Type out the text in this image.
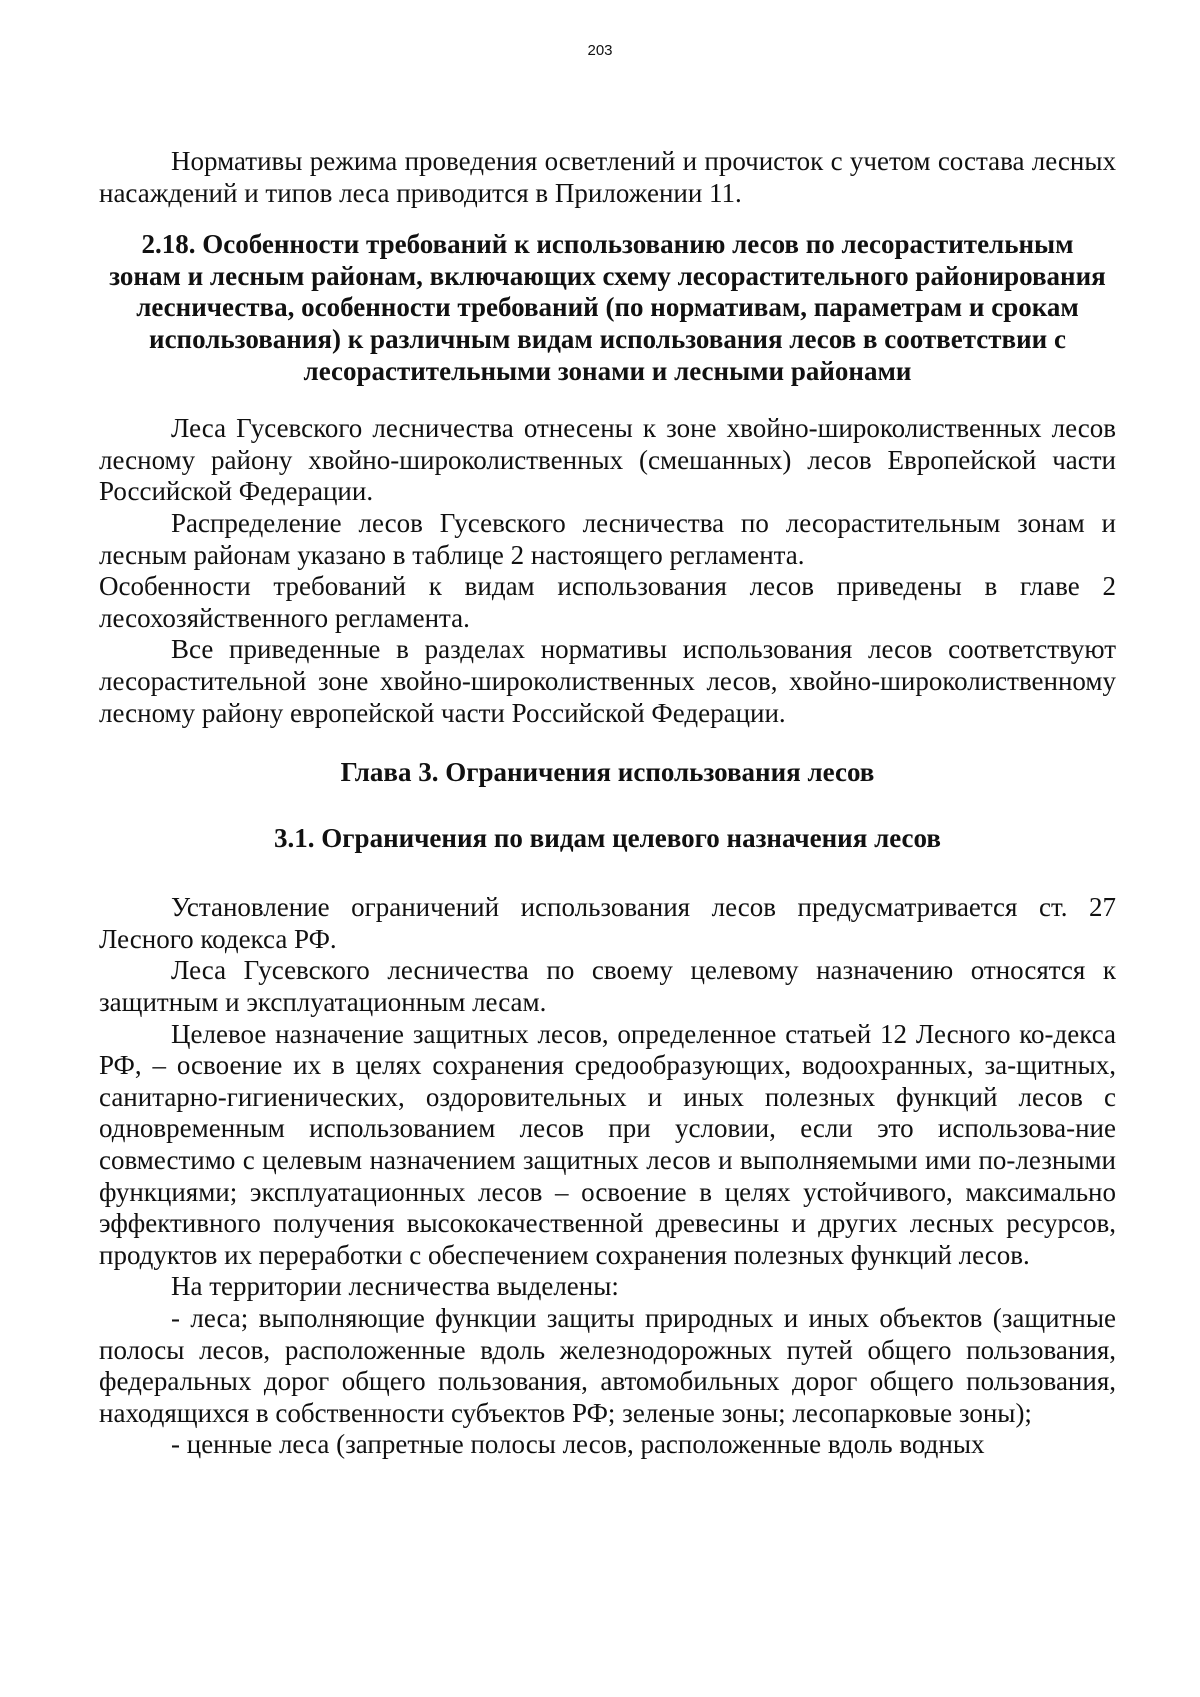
203

Нормативы режима проведения осветлений и прочисток с учетом состава лесных насаждений и типов леса приводится в Приложении 11.

2.18. Особенности требований к использованию лесов по лесорастительным зонам и лесным районам, включающих схему лесорастительного районирования лесничества, особенности требований (по нормативам, параметрам и срокам использования) к различным видам использования лесов в соответствии с лесорастительными зонами и лесными районами

Леса Гусевского лесничества отнесены к зоне хвойно-широколиственных лесов лесному району хвойно-широколиственных (смешанных) лесов Европейской части Российской Федерации.

Распределение лесов Гусевского лесничества по лесорастительным зонам и лесным районам указано в таблице 2 настоящего регламента.

Особенности требований к видам использования лесов приведены в главе 2 лесохозяйственного регламента.

Все приведенные в разделах нормативы использования лесов соответствуют лесорастительной зоне хвойно-широколиственных лесов, хвойно-широколиственному лесному району европейской части Российской Федерации.

Глава 3. Ограничения использования лесов
3.1. Ограничения по видам целевого назначения лесов

Установление ограничений использования лесов предусматривается ст. 27 Лесного кодекса РФ.

Леса Гусевского лесничества по своему целевому назначению относятся к защитным и эксплуатационным лесам.

Целевое назначение защитных лесов, определенное статьей 12 Лесного ко-декса РФ, – освоение их в целях сохранения средообразующих, водоохранных, за-щитных, санитарно-гигиенических, оздоровительных и иных полезных функций лесов с одновременным использованием лесов при условии, если это использова-ние совместимо с целевым назначением защитных лесов и выполняемыми ими по-лезными функциями; эксплуатационных лесов – освоение в целях устойчивого, максимально эффективного получения высококачественной древесины и других лесных ресурсов, продуктов их переработки с обеспечением сохранения полезных функций лесов.

На территории лесничества выделены:

- леса; выполняющие функции защиты природных и иных объектов (защитные полосы лесов, расположенные вдоль железнодорожных путей общего пользования, федеральных дорог общего пользования, автомобильных дорог общего пользования, находящихся в собственности субъектов РФ; зеленые зоны; лесопарковые зоны);

- ценные леса (запретные полосы лесов, расположенные вдоль водных
